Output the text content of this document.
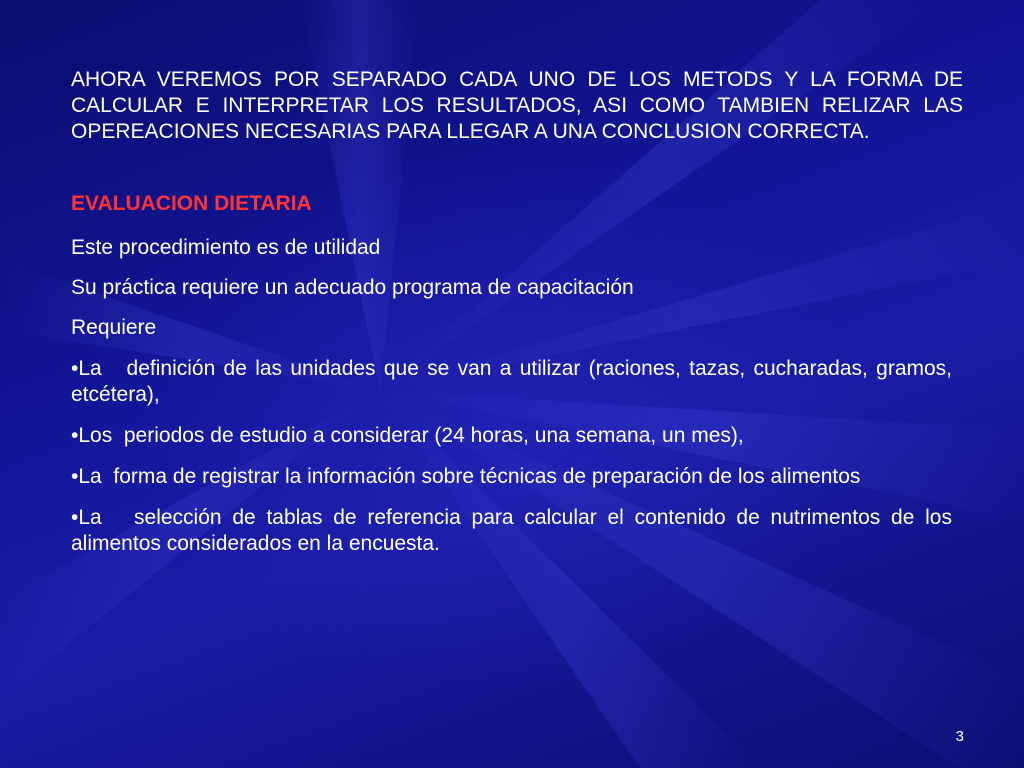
AHORA VEREMOS POR SEPARADO CADA UNO DE LOS METODS Y LA FORMA DE CALCULAR E INTERPRETAR LOS RESULTADOS, ASI COMO TAMBIEN RELIZAR LAS OPEREACIONES NECESARIAS PARA LLEGAR A UNA CONCLUSION CORRECTA.

EVALUACION DIETARIA

Este procedimiento es de utilidad

Su práctica requiere un adecuado programa de capacitación

Requiere

•La   definición de las unidades que se van a utilizar (raciones, tazas, cucharadas, gramos, etcétera),

•Los  periodos de estudio a considerar (24 horas, una semana, un mes),

•La  forma de registrar la información sobre técnicas de preparación de los alimentos

•La   selección de tablas de referencia para calcular el contenido de nutrimentos de los alimentos considerados en la encuesta.

3
